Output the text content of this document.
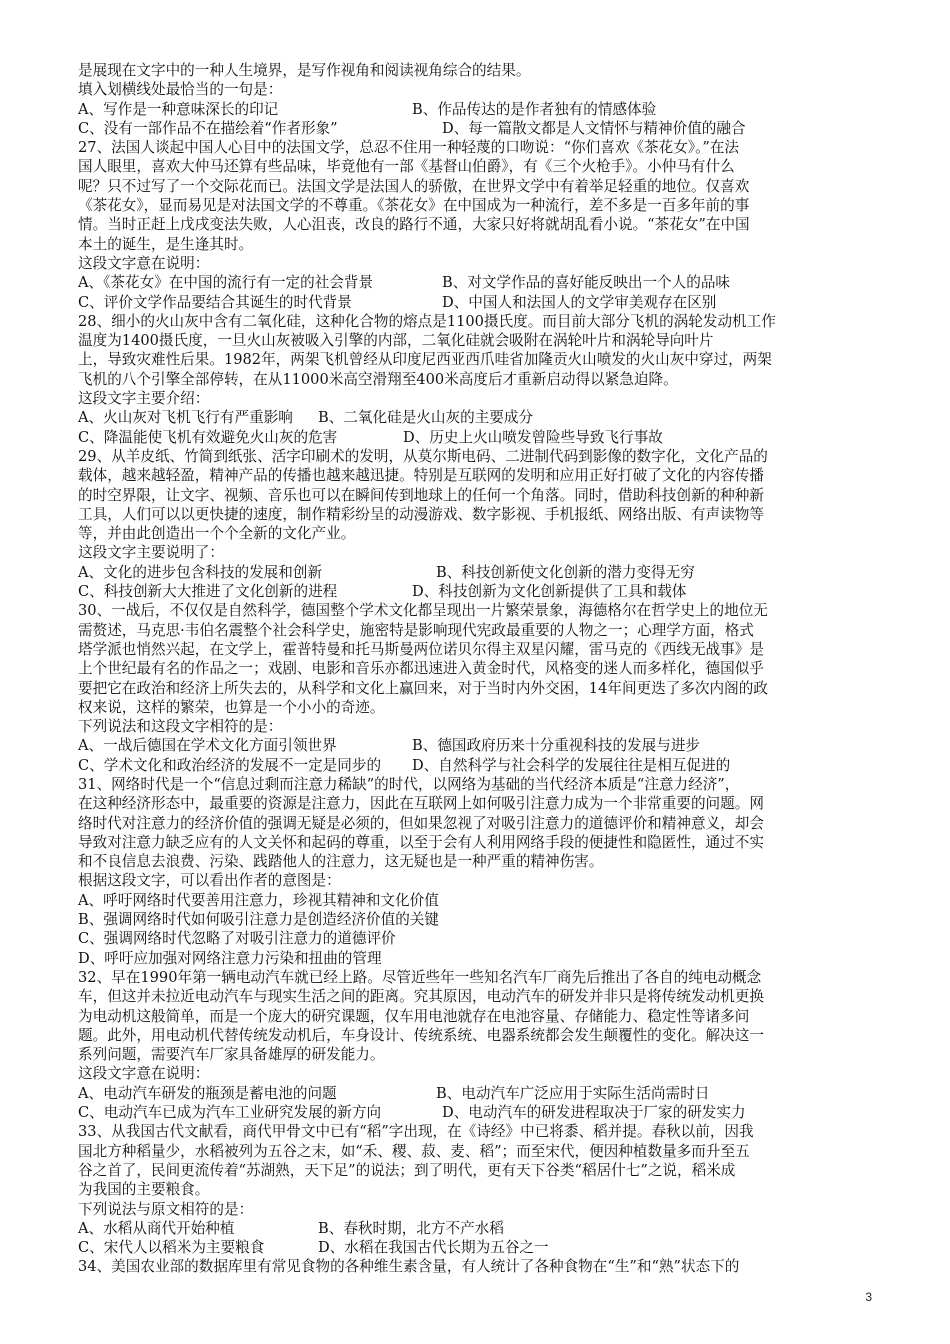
是展现在文字中的一种人生境界，是写作视角和阅读视角综合的结果。

填入划横线处最恰当的一句是：

A、写作是一种意味深长的印记	B、作品传达的是作者独有的情感体验

C、没有一部作品不在描绘着“作者形象”	D、每一篇散文都是人文情怀与精神价值的融合

27、法国人谈起中国人心目中的法国文学，总忍不住用一种轻蔑的口吻说：“你们喜欢《茶花女》。”在法

国人眼里，喜欢大仲马还算有些品味，毕竟他有一部《基督山伯爵》，有《三个火枪手》。小仲马有什么

呢？只不过写了一个交际花而已。法国文学是法国人的骄傲，在世界文学中有着举足轻重的地位。仅喜欢

《茶花女》，显而易见是对法国文学的不尊重。《茶花女》在中国成为一种流行，差不多是一百多年前的事

情。当时正赶上戊戌变法失败，人心沮丧，改良的路行不通，大家只好将就胡乱看小说。“茶花女”在中国

本土的诞生，是生逢其时。

这段文字意在说明：

A、《茶花女》在中国的流行有一定的社会背景	B、对文学作品的喜好能反映出一个人的品味

C、评价文学作品要结合其诞生的时代背景	D、中国人和法国人的文学审美观存在区别

28、细小的火山灰中含有二氧化硅，这种化合物的熔点是1100摄氏度。而目前大部分飞机的涡轮发动机工作

温度为1400摄氏度，一旦火山灰被吸入引擎的内部，二氧化硅就会吸附在涡轮叶片和涡轮导向叶片

上，导致灾难性后果。1982年，两架飞机曾经从印度尼西亚西爪哇省加隆贡火山喷发的火山灰中穿过，两架

飞机的八个引擎全部停转，在从11000米高空滑翔至400米高度后才重新启动得以紧急迫降。

这段文字主要介绍：

A、火山灰对飞机飞行有严重影响 B、二氧化硅是火山灰的主要成分

C、降温能使飞机有效避免火山灰的危害	D、历史上火山喷发曾险些导致飞行事故

29、从羊皮纸、竹简到纸张、活字印刷术的发明，从莫尔斯电码、二进制代码到影像的数字化，文化产品的

载体，越来越轻盈，精神产品的传播也越来越迅捷。特别是互联网的发明和应用正好打破了文化的内容传播

的时空界限，让文字、视频、音乐也可以在瞬间传到地球上的任何一个角落。同时，借助科技创新的种种新

工具，人们可以以更快捷的速度，制作精彩纷呈的动漫游戏、数字影视、手机报纸、网络出版、有声读物等

等，并由此创造出一个个全新的文化产业。

这段文字主要说明了：

A、文化的进步包含科技的发展和创新	B、科技创新使文化创新的潜力变得无穷

C、科技创新大大推进了文化创新的进程	D、科技创新为文化创新提供了工具和载体

30、一战后，不仅仅是自然科学，德国整个学术文化都呈现出一片繁荣景象，海德格尔在哲学史上的地位无

需赘述，马克思·韦伯名震整个社会科学史，施密特是影响现代宪政最重要的人物之一；心理学方面，格式

塔学派也悄然兴起，在文学上，霍普特曼和托马斯曼两位诺贝尔得主双星闪耀，雷马克的《西线无战事》是

上个世纪最有名的作品之一；戏剧、电影和音乐亦都迅速进入黄金时代，风格变的迷人而多样化，德国似乎

要把它在政治和经济上所失去的，从科学和文化上赢回来，对于当时内外交困，14年间更迭了多次内阁的政

权来说，这样的繁荣，也算是一个小小的奇迹。

下列说法和这段文字相符的是：

A、一战后德国在学术文化方面引领世界	B、德国政府历来十分重视科技的发展与进步

C、学术文化和政治经济的发展不一定是同步的 D、自然科学与社会科学的发展往往是相互促进的

31、网络时代是一个“信息过剩而注意力稀缺”的时代，以网络为基础的当代经济本质是“注意力经济”，

在这种经济形态中，最重要的资源是注意力，因此在互联网上如何吸引注意力成为一个非常重要的问题。网

络时代对注意力的经济价值的强调无疑是必须的，但如果忽视了对吸引注意力的道德评价和精神意义，却会

导致对注意力缺乏应有的人文关怀和起码的尊重，以至于会有人利用网络手段的便捷性和隐匿性，通过不实

和不良信息去浪费、污染、践踏他人的注意力，这无疑也是一种严重的精神伤害。

根据这段文字，可以看出作者的意图是：

A、呼吁网络时代要善用注意力，珍视其精神和文化价值

B、强调网络时代如何吸引注意力是创造经济价值的关键

C、强调网络时代忽略了对吸引注意力的道德评价

D、呼吁应加强对网络注意力污染和扭曲的管理

32、早在1990年第一辆电动汽车就已经上路。尽管近些年一些知名汽车厂商先后推出了各自的纯电动概念

车，但这并未拉近电动汽车与现实生活之间的距离。究其原因，电动汽车的研发并非只是将传统发动机更换

为电动机这般简单，而是一个庞大的研究课题，仅车用电池就存在电池容量、存储能力、稳定性等诸多问

题。此外，用电动机代替传统发动机后，车身设计、传统系统、电器系统都会发生颠覆性的变化。解决这一

系列问题，需要汽车厂家具备雄厚的研发能力。

这段文字意在说明：

A、电动汽车研发的瓶颈是蓄电池的问题	B、电动汽车广泛应用于实际生活尚需时日

C、电动汽车已成为汽车工业研究发展的新方向	D、电动汽车的研发进程取决于厂家的研发实力

33、从我国古代文献看，商代甲骨文中已有“稻”字出现，在《诗经》中已将黍、稻并提。春秋以前，因我

国北方种稻量少，水稻被列为五谷之末，如“禾、稷、菽、麦、稻”；而至宋代，便因种植数量多而升至五

谷之首了，民间更流传着“苏湖熟，天下足”的说法；到了明代，更有天下谷类“稻居什七”之说，稻米成

为我国的主要粮食。

下列说法与原文相符的是：

A、水稻从商代开始种植	B、春秋时期，北方不产水稻

C、宋代人以稻米为主要粮食	D、水稻在我国古代长期为五谷之一

34、美国农业部的数据库里有常见食物的各种维生素含量，有人统计了各种食物在“生”和“熟”状态下的

3
